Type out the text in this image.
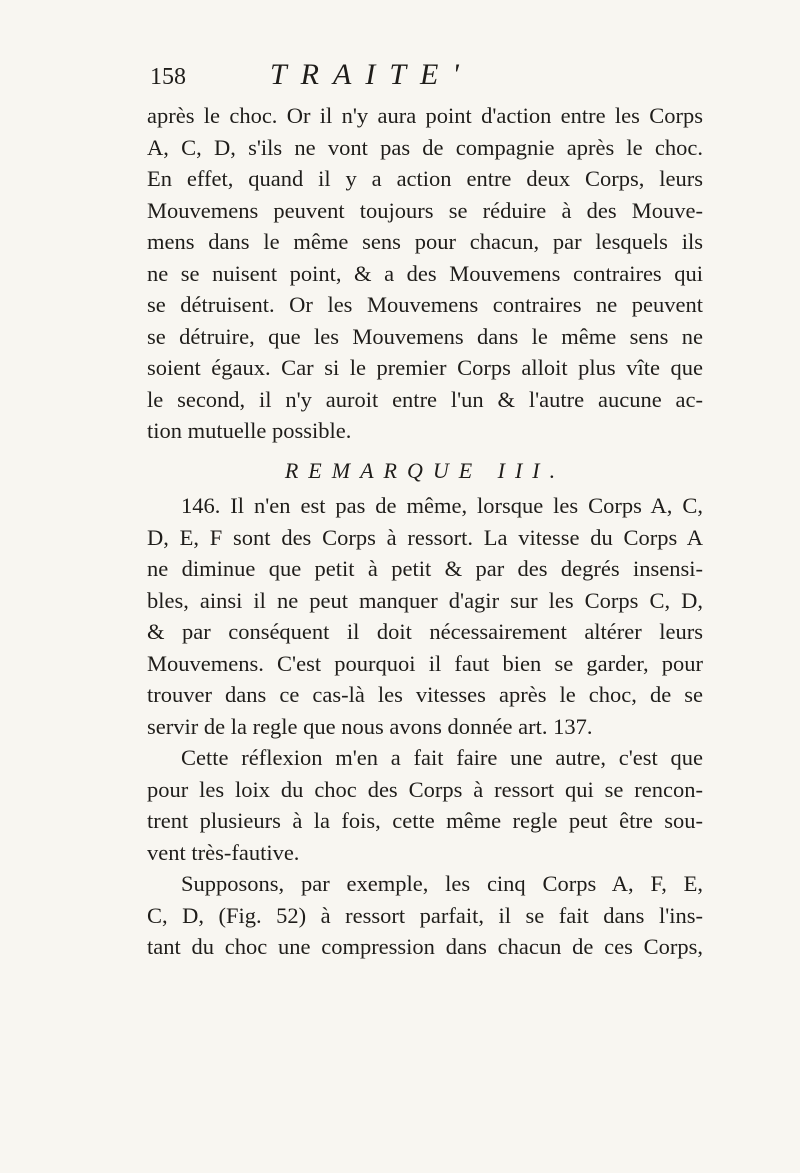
158	TRAITE'
après le choc. Or il n'y aura point d'action entre les Corps
A, C, D, s'ils ne vont pas de compagnie après le choc.
En effet, quand il y a action entre deux Corps, leurs
Mouvemens peuvent toujours se réduire à des Mouve-
mens dans le même sens pour chacun, par lesquels ils
ne se nuisent point, & a des Mouvemens contraires qui
se détruisent. Or les Mouvemens contraires ne peuvent
se détruire, que les Mouvemens dans le même sens ne
soient égaux. Car si le premier Corps alloit plus vîte que
le second, il n'y auroit entre l'un & l'autre aucune ac-
tion mutuelle possible.
REMARQUE III.
146. Il n'en est pas de même, lorsque les Corps A, C,
D, E, F sont des Corps à ressort. La vitesse du Corps A
ne diminue que petit à petit & par des degrés insensi-
bles, ainsi il ne peut manquer d'agir sur les Corps C, D,
& par conséquent il doit nécessairement altérer leurs
Mouvemens. C'est pourquoi il faut bien se garder, pour
trouver dans ce cas-là les vitesses après le choc, de se
servir de la regle que nous avons donnée art. 137.
Cette réflexion m'en a fait faire une autre, c'est que
pour les loix du choc des Corps à ressort qui se rencon-
trent plusieurs à la fois, cette même regle peut être sou-
vent très-fautive.
Supposons, par exemple, les cinq Corps A, F, E,
C, D, (Fig. 52) à ressort parfait, il se fait dans l'ins-
tant du choc une compression dans chacun de ces Corps,
